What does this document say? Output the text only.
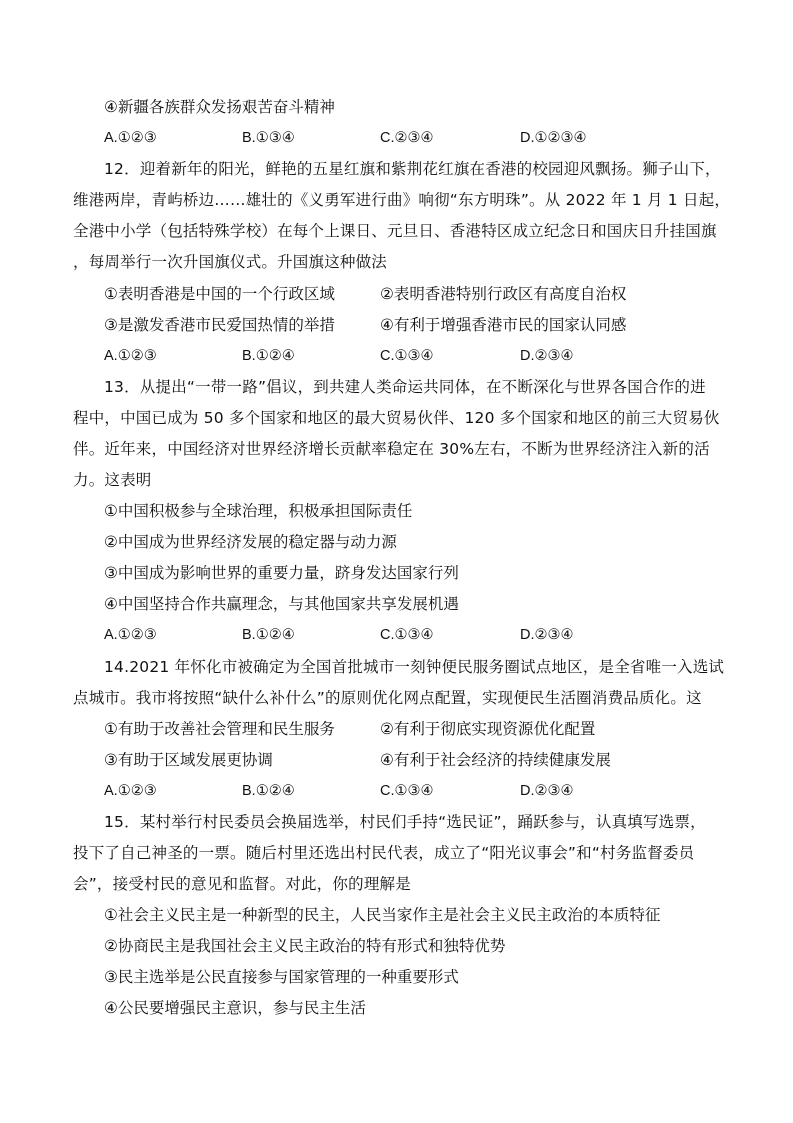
④新疆各族群众发扬艰苦奋斗精神
A.①②③	B.①③④	C.②③④	D.①②③④
12．迎着新年的阳光，鲜艳的五星红旗和紫荆花红旗在香港的校园迎风飘扬。狮子山下，
维港两岸，青屿桥边……雄壮的《义勇军进行曲》响彻“东方明珠”。从 2022 年 1 月 1 日起，
全港中小学（包括特殊学校）在每个上课日、元旦日、香港特区成立纪念日和国庆日升挂国旗
，每周举行一次升国旗仪式。升国旗这种做法
①表明香港是中国的一个行政区域	②表明香港特别行政区有高度自治权
③是激发香港市民爱国热情的举措	④有利于增强香港市民的国家认同感
A.①②③	B.①②④	C.①③④	D.②③④
13．从提出“一带一路”倡议，到共建人类命运共同体，在不断深化与世界各国合作的进
程中，中国已成为 50 多个国家和地区的最大贸易伙伴、120 多个国家和地区的前三大贸易伙
伴。近年来，中国经济对世界经济增长贡献率稳定在 30%左右，不断为世界经济注入新的活
力。这表明
①中国积极参与全球治理，积极承担国际责任
②中国成为世界经济发展的稳定器与动力源
③中国成为影响世界的重要力量，跻身发达国家行列
④中国坚持合作共赢理念，与其他国家共享发展机遇
A.①②③	B.①②④	C.①③④	D.②③④
14.2021 年怀化市被确定为全国首批城市一刻钟便民服务圈试点地区，是全省唯一入选试
点城市。我市将按照“缺什么补什么”的原则优化网点配置，实现便民生活圈消费品质化。这
①有助于改善社会管理和民生服务	②有利于彻底实现资源优化配置
③有助于区域发展更协调	④有利于社会经济的持续健康发展
A.①②③	B.①②④	C.①③④	D.②③④
15．某村举行村民委员会换届选举，村民们手持“选民证”，踊跃参与，认真填写选票，
投下了自己神圣的一票。随后村里还选出村民代表，成立了“阳光议事会”和“村务监督委员
会”，接受村民的意见和监督。对此，你的理解是
①社会主义民主是一种新型的民主，人民当家作主是社会主义民主政治的本质特征
②协商民主是我国社会主义民主政治的特有形式和独特优势
③民主选举是公民直接参与国家管理的一种重要形式
④公民要增强民主意识，参与民主生活
